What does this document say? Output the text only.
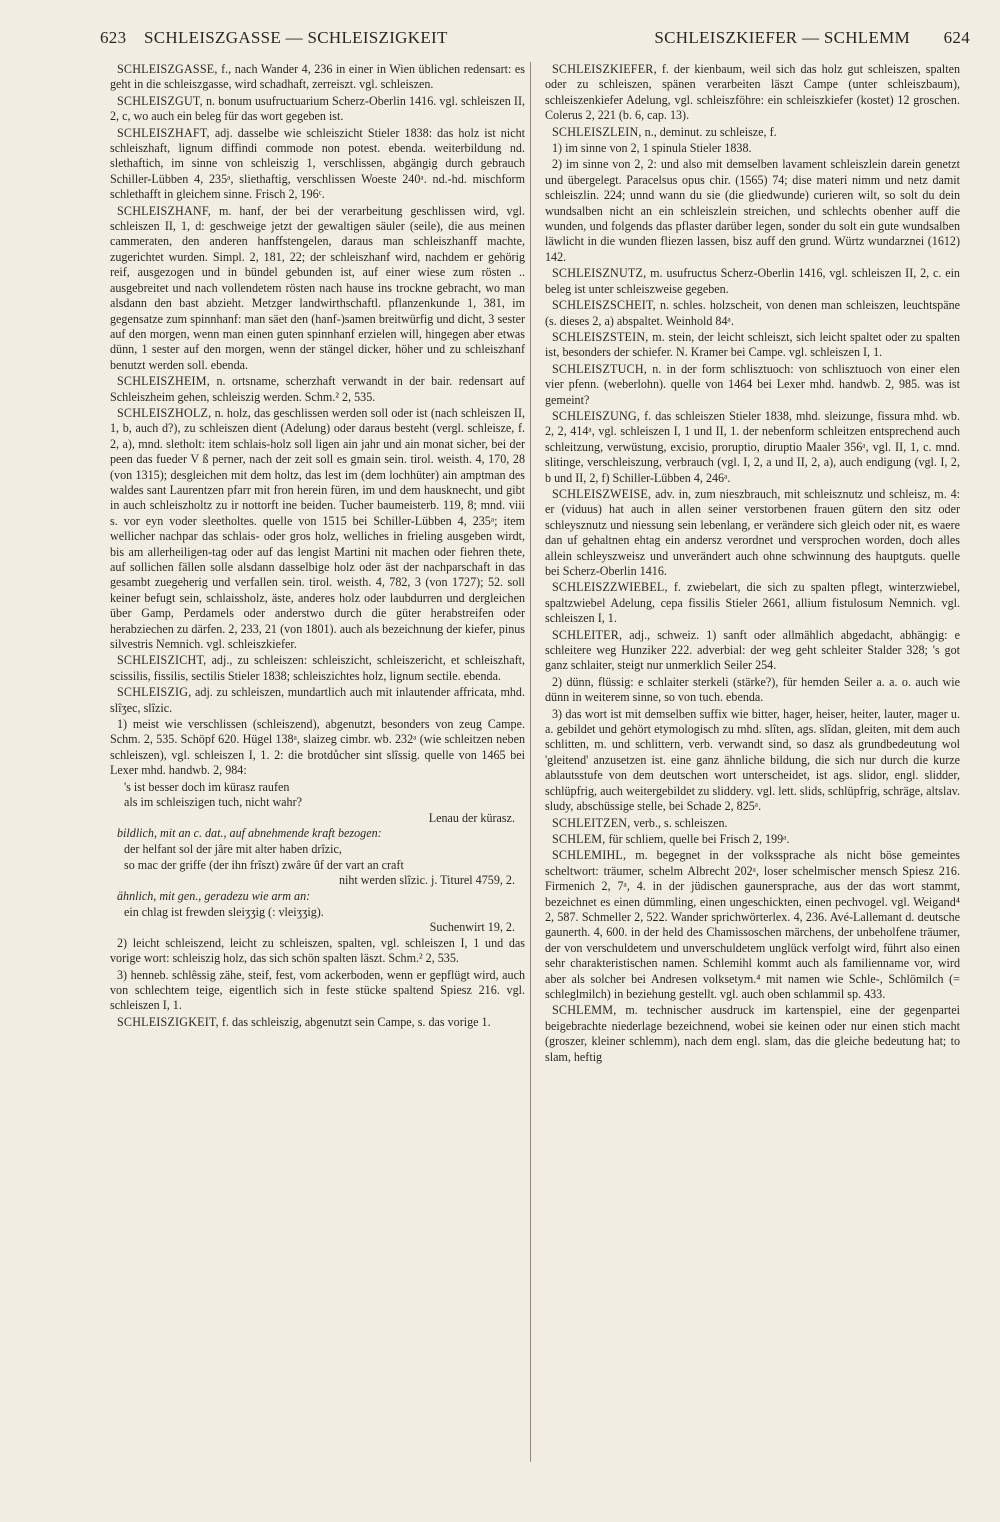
623 SCHLEISZGASSE — SCHLEISZIGKEIT	SCHLEISZKIEFER — SCHLEMM 624
SCHLEISZGASSE, f., nach Wander 4, 236 in einer in Wien üblichen redensart: es geht in die schleiszgasse, wird schadhaft, zerreiszt. vgl. schleiszen.
SCHLEISZGUT, n. bonum usufructuarium Scherz-Oberlin 1416. vgl. schleiszen II, 2, c, wo auch ein beleg für das wort gegeben ist.
SCHLEISZHAFT, adj. dasselbe wie schleiszicht Stieler 1838: das holz ist nicht schleiszhaft, lignum diffindi commode non potest. ebenda. weiterbildung nd. slethaftich, im sinne von schleiszig 1, verschlissen, abgängig durch gebrauch Schiller-Lübben 4, 235ᵃ, sliethaftig, verschlissen Woeste 240ᵃ. nd.-hd. mischform schlethafft in gleichem sinne. Frisch 2, 196ᶜ.
SCHLEISZHANF, m. hanf, der bei der verarbeitung geschlissen wird, vgl. schleiszen II, 1, d: geschweige jetzt der gewaltigen säuler (seile), die aus meinen cammeraten, den anderen hanffstengelen, daraus man schleiszhanff machte, zugerichtet wurden. Simpl. 2, 181, 22; der schleiszhanf wird, nachdem er gehörig reif, ausgezogen und in bündel gebunden ist, auf einer wiese zum rösten .. ausgebreitet und nach vollendetem rösten nach hause ins trockne gebracht, wo man alsdann den bast abzieht. Metzger landwirthschaftl. pflanzenkunde 1, 381, im gegensatze zum spinnhanf: man säet den (hanf-)samen breitwürfig und dicht, 3 sester auf den morgen, wenn man einen guten spinnhanf erzielen will, hingegen aber etwas dünn, 1 sester auf den morgen, wenn der stängel dicker, höher und zu schleiszhanf benutzt werden soll. ebenda.
SCHLEISZHEIM, n. ortsname, scherzhaft verwandt in der bair. redensart auf Schleiszheim gehen, schleiszig werden. Schm.² 2, 535.
SCHLEISZHOLZ, n. holz, das geschlissen werden soll oder ist (nach schleiszen II, 1, b, auch d?), zu schleiszen dient (Adelung) oder daraus besteht (vergl. schleisze, f. 2, a), mnd. sletholt: item schlais-holz soll ligen ain jahr und ain monat sicher, bei der peen das fueder V ß perner, nach der zeit soll es gmain sein. tirol. weisth. 4, 170, 28 (von 1315); desgleichen mit dem holtz, das lest im (dem lochhüter) ain amptman des waldes sant Laurentzen pfarr mit fron herein füren, im und dem hausknecht, und gibt in auch schleiszholtz zu ir nottorft ine beiden. Tucher baumeisterb. 119, 8; mnd. viii s. vor eyn voder sleetholtes. quelle von 1515 bei Schiller-Lübben 4, 235ᵃ; item wellicher nachpar das schlais- oder gros holz, welliches in frieling ausgeben wirdt, bis am allerheiligen-tag oder auf das lengist Martini nit machen oder fiehren thete, auf sollichen fällen solle alsdann dasselbige holz oder äst der nachparschaft in das gesambt zuegeherig und verfallen sein. tirol. weisth. 4, 782, 3 (von 1727); 52. soll keiner befugt sein, schlaissholz, äste, anderes holz oder laubdurren und dergleichen über Gamp, Perdamels oder anderstwo durch die güter herabstreifen oder herabziechen zu därfen. 2, 233, 21 (von 1801). auch als bezeichnung der kiefer, pinus silvestris Nemnich. vgl. schleiszkiefer.
SCHLEISZICHT, adj., zu schleiszen: schleiszicht, schleiszericht, et schleiszhaft, scissilis, fissilis, sectilis Stieler 1838; schleiszichtes holz, lignum sectile. ebenda.
SCHLEISZIG, adj. zu schleiszen, mundartlich auch mit inlautender affricata, mhd. slîʒec, slîzic.
1) meist wie verschlissen (schleiszend), abgenutzt, besonders von zeug Campe. Schm. 2, 535. Schöpf 620. Hügel 138ᵃ, slaizeg cimbr. wb. 232ᵃ (wie schleitzen neben schleiszen), vgl. schleiszen I, 1. 2: die brotdůcher sint slîssig. quelle von 1465 bei Lexer mhd. handwb. 2, 984:
's ist besser doch im kürasz raufen
als im schleiszigen tuch, nicht wahr?
Lenau der kürasz.
bildlich, mit an c. dat., auf abnehmende kraft bezogen:
der helfant sol der jâre mit alter haben drîzic,
so mac der griffe (der ihn frîszt) zwâre ûf der vart an craft
niht werden slîzic. j. Titurel 4759, 2.
ähnlich, mit gen., geradezu wie arm an:
ein chlag ist frewden sleiʒʒig (: vleiʒʒig).
Suchenwirt 19, 2.
2) leicht schleiszend, leicht zu schleiszen, spalten, vgl. schleiszen I, 1 und das vorige wort: schleiszig holz, das sich schön spalten läszt. Schm.² 2, 535.
3) henneb. schlêssig zähe, steif, fest, vom ackerboden, wenn er gepflügt wird, auch von schlechtem teige, eigentlich sich in feste stücke spaltend Spiesz 216. vgl. schleiszen I, 1.
SCHLEISZIGKEIT, f. das schleiszig, abgenutzt sein Campe, s. das vorige 1.
SCHLEISZKIEFER, f. der kienbaum, weil sich das holz gut schleiszen, spalten oder zu schleiszen, spänen verarbeiten läszt Campe (unter schleiszbaum), schleiszenkiefer Adelung, vgl. schleiszföhre: ein schleiszkiefer (kostet) 12 groschen. Colerus 2, 221 (b. 6, cap. 13).
SCHLEISZLEIN, n., deminut. zu schleisze, f.
1) im sinne von 2, 1 spinula Stieler 1838.
2) im sinne von 2, 2: und also mit demselben lavament schleiszlein darein genetzt und übergelegt. Paracelsus opus chir. (1565) 74; dise materi nimm und netz damit schleiszlin. 224; unnd wann du sie (die gliedwunde) curieren wilt, so solt du dein wundsalben nicht an ein schleiszlein streichen, und schlechts obenher auff die wunden, und folgends das pflaster darüber legen, sonder du solt ein gute wundsalben läwlicht in die wunden fliezen lassen, bisz auff den grund. Würtz wundarznei (1612) 142.
SCHLEISZNUTZ, m. usufructus Scherz-Oberlin 1416, vgl. schleiszen II, 2, c. ein beleg ist unter schleiszweise gegeben.
SCHLEISZSCHEIT, n. schles. holzscheit, von denen man schleiszen, leuchtspäne (s. dieses 2, a) abspaltet. Weinhold 84ᵃ.
SCHLEISZSTEIN, m. stein, der leicht schleiszt, sich leicht spaltet oder zu spalten ist, besonders der schiefer. N. Kramer bei Campe. vgl. schleiszen I, 1.
SCHLEISZTUCH, n. in der form schlisztuoch: von schlisztuoch von einer elen vier pfenn. (weberlohn). quelle von 1464 bei Lexer mhd. handwb. 2, 985. was ist gemeint?
SCHLEISZUNG, f. das schleiszen Stieler 1838, mhd. sleizunge, fissura mhd. wb. 2, 2, 414ᵃ, vgl. schleiszen I, 1 und II, 1. der nebenform schleitzen entsprechend auch schleitzung, verwüstung, excisio, proruptio, diruptio Maaler 356ᵃ, vgl. II, 1, c. mnd. slitinge, verschleiszung, verbrauch (vgl. I, 2, a und II, 2, a), auch endigung (vgl. I, 2, b und II, 2, f) Schiller-Lübben 4, 246ᵃ.
SCHLEISZWEISE, adv. in, zum nieszbrauch, mit schleisznutz und schleisz, m. 4: er (viduus) hat auch in allen seiner verstorbenen frauen gütern den sitz oder schleysznutz und niessung sein lebenlang, er verändere sich gleich oder nit, es waere dan uf gehaltnen ehtag ein andersz verordnet und versprochen worden, doch alles allein schleyszweisz und unverändert auch ohne schwinnung des hauptguts. quelle bei Scherz-Oberlin 1416.
SCHLEISZZWIEBEL, f. zwiebelart, die sich zu spalten pflegt, winterzwiebel, spaltzwiebel Adelung, cepa fissilis Stieler 2661, allium fistulosum Nemnich. vgl. schleiszen I, 1.
SCHLEITER, adj., schweiz. 1) sanft oder allmählich abgedacht, abhängig: e schleitere weg Hunziker 222. adverbial: der weg geht schleiter Stalder 328; 's got ganz schlaiter, steigt nur unmerklich Seiler 254.
2) dünn, flüssig: e schlaiter sterkeli (stärke?), für hemden Seiler a. a. o. auch wie dünn in weiterem sinne, so von tuch. ebenda.
3) das wort ist mit demselben suffix wie bitter, hager, heiser, heiter, lauter, mager u. a. gebildet und gehört etymologisch zu mhd. slîten, ags. slîdan, gleiten, mit dem auch schlitten, m. und schlittern, verb. verwandt sind, so dasz als grundbedeutung wol 'gleitend' anzusetzen ist. eine ganz ähnliche bildung, die sich nur durch die kurze ablautsstufe von dem deutschen wort unterscheidet, ist ags. slidor, engl. slidder, schlüpfrig, auch weitergebildet zu sliddery. vgl. lett. slids, schlüpfrig, schräge, altslav. sludy, abschüssige stelle, bei Schade 2, 825ᵃ.
SCHLEITZEN, verb., s. schleiszen.
SCHLEM, für schliem, quelle bei Frisch 2, 199ᵃ.
SCHLEMIHL, m. begegnet in der volkssprache als nicht böse gemeintes scheltwort: träumer, schelm Albrecht 202ᵃ, loser schelmischer mensch Spiesz 216. Firmenich 2, 7ᵃ, 4. in der jüdischen gaunersprache, aus der das wort stammt, bezeichnet es einen dümmling, einen ungeschickten, einen pechvogel. vgl. Weigand⁴ 2, 587. Schmeller 2, 522. Wander sprichwörterlex. 4, 236. Avé-Lallemant d. deutsche gaunerth. 4, 600. in der held des Chamissoschen märchens, der unbeholfene träumer, der von verschuldetem und unverschuldetem unglück verfolgt wird, führt also einen sehr charakteristischen namen. Schlemihl kommt auch als familienname vor, wird aber als solcher bei Andresen volksetym.⁴ mit namen wie Schle-, Schlömilch (= schleglmilch) in beziehung gestellt. vgl. auch oben schlammil sp. 433.
SCHLEMM, m. technischer ausdruck im kartenspiel, eine der gegenpartei beigebrachte niederlage bezeichnend, wobei sie keinen oder nur einen stich macht (groszer, kleiner schlemm), nach dem engl. slam, das die gleiche bedeutung hat; to slam, heftig
